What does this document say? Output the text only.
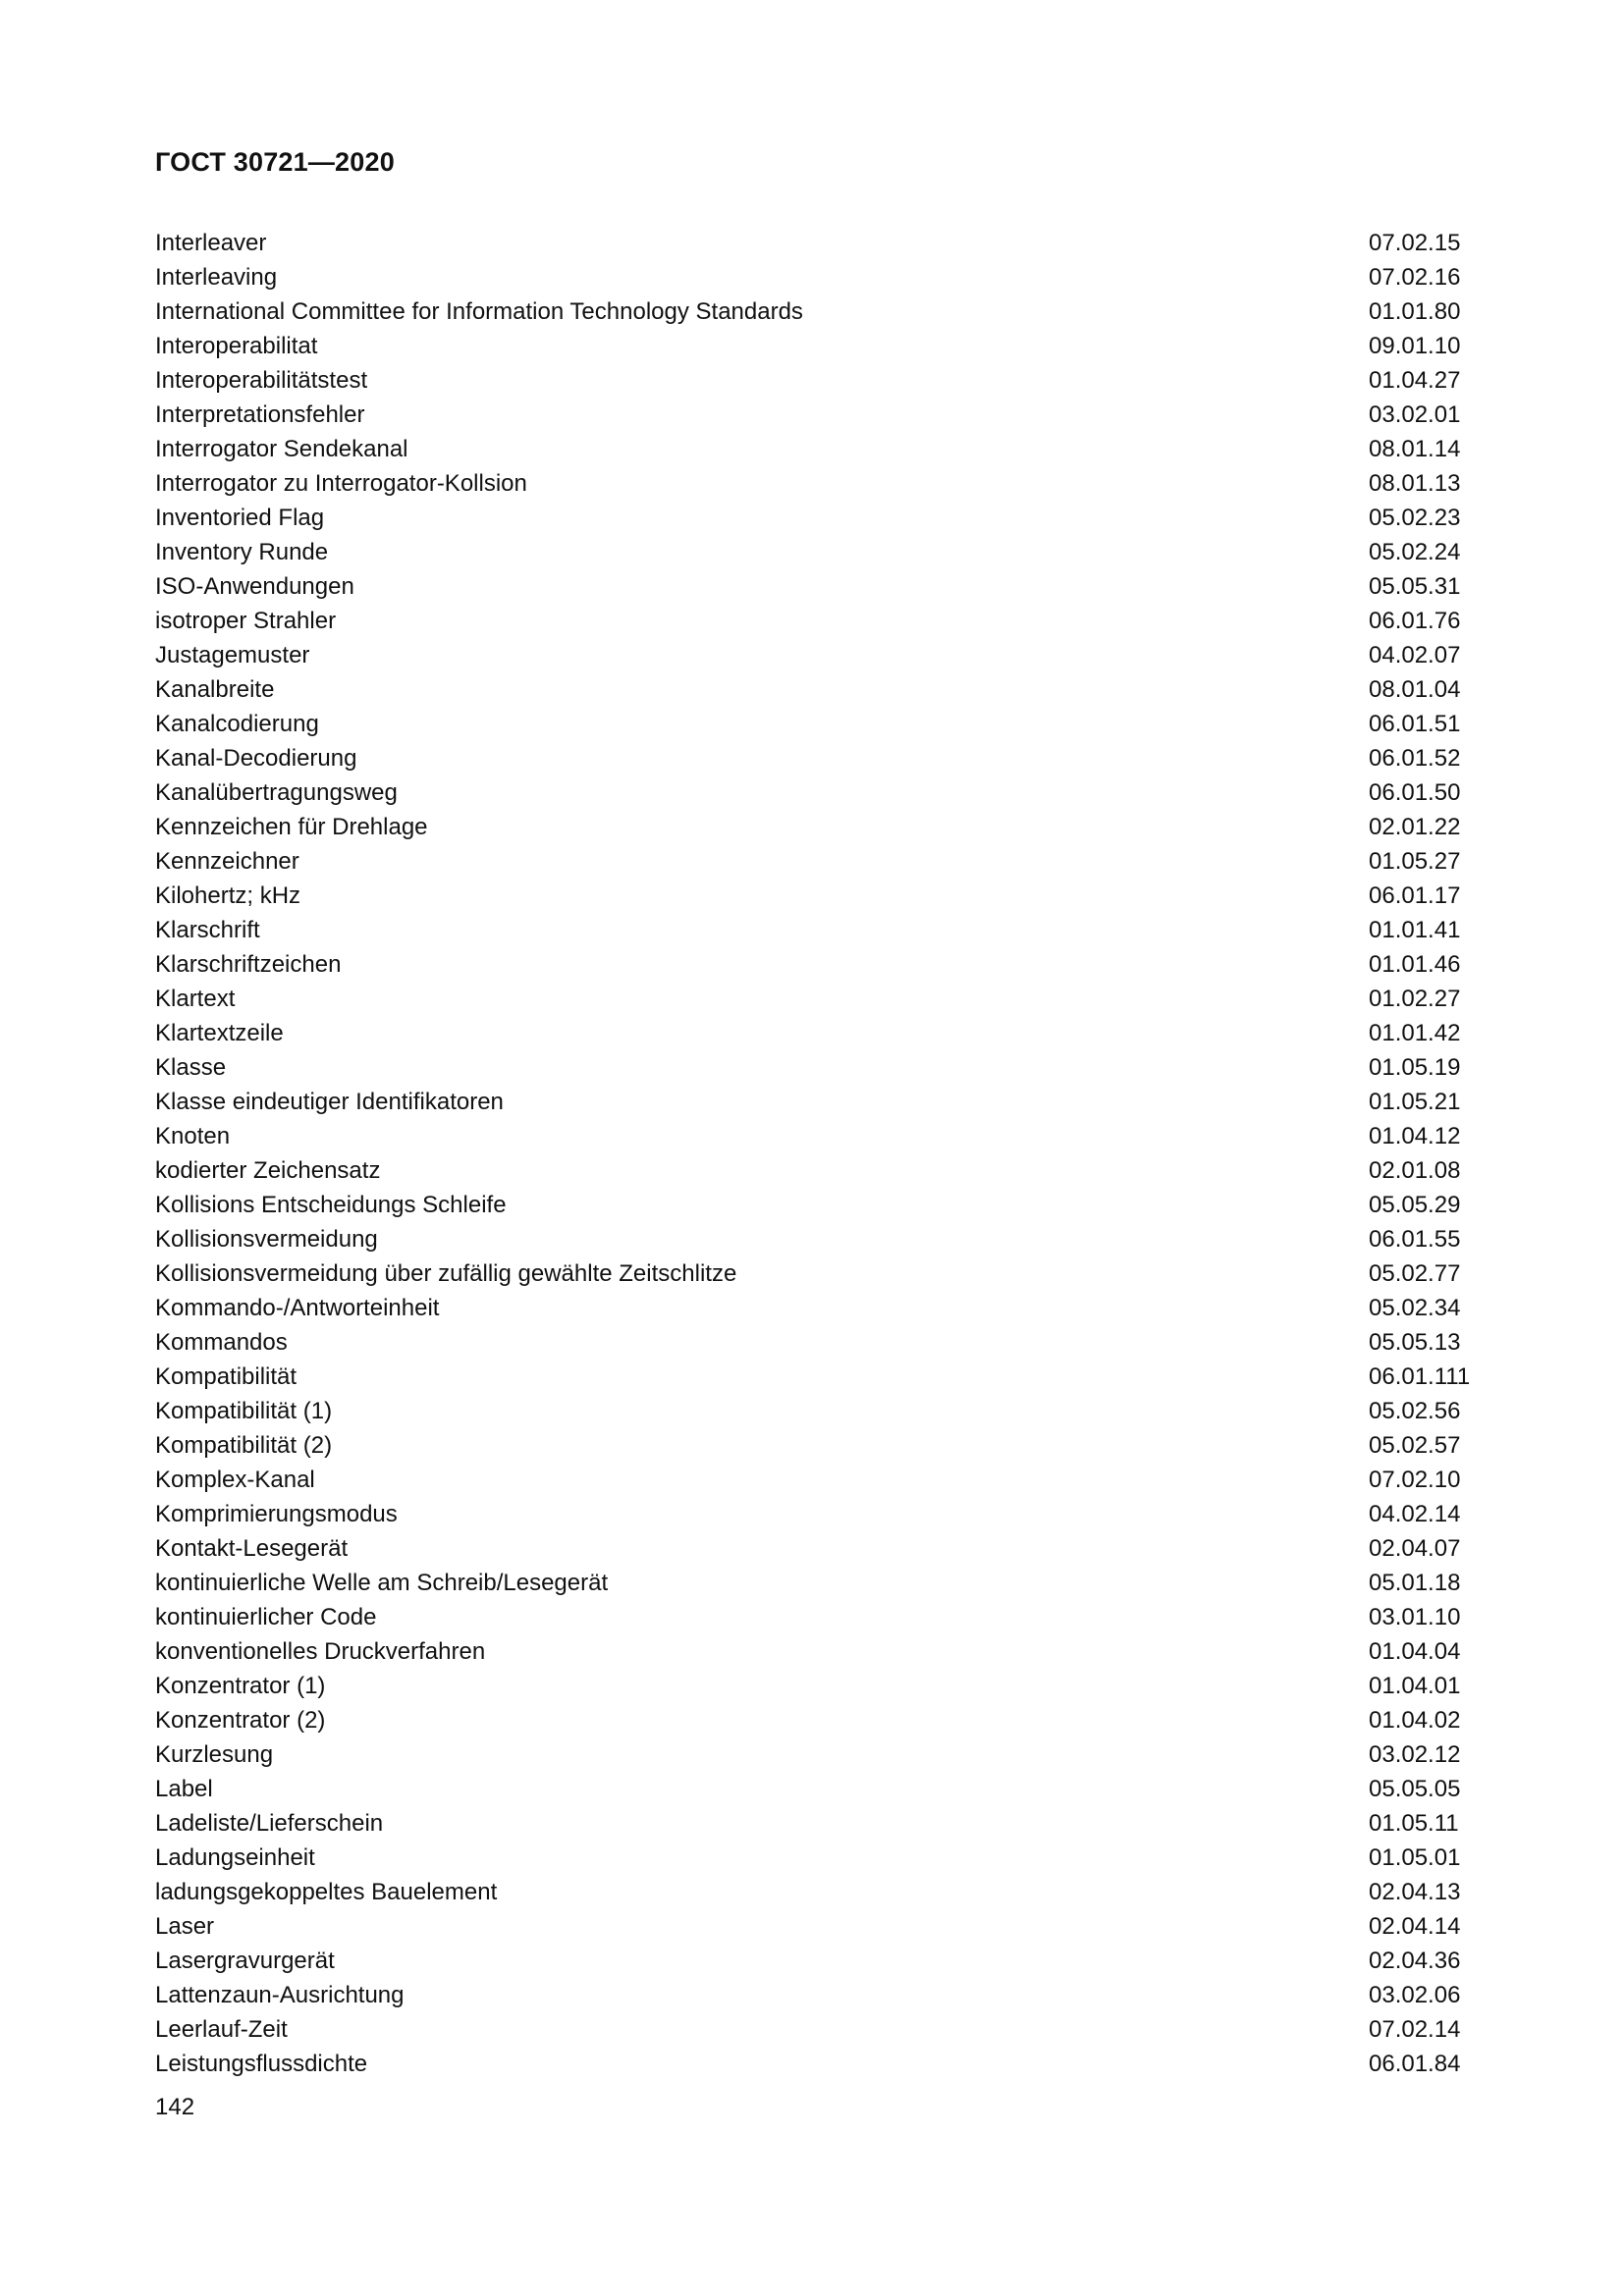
ГОСТ 30721—2020
Interleaver	07.02.15
Interleaving	07.02.16
International Committee for Information Technology Standards	01.01.80
Interoperabilitat	09.01.10
Interoperabilitätstest	01.04.27
Interpretationsfehler	03.02.01
Interrogator Sendekanal	08.01.14
Interrogator zu Interrogator-Kollsion	08.01.13
Inventoried Flag	05.02.23
Inventory Runde	05.02.24
ISO-Anwendungen	05.05.31
isotroper Strahler	06.01.76
Justagemuster	04.02.07
Kanalbreite	08.01.04
Kanalcodierung	06.01.51
Kanal-Decodierung	06.01.52
Kanalübertragungsweg	06.01.50
Kennzeichen für Drehlage	02.01.22
Kennzeichner	01.05.27
Kilohertz; kHz	06.01.17
Klarschrift	01.01.41
Klarschriftzeichen	01.01.46
Klartext	01.02.27
Klartextzeile	01.01.42
Klasse	01.05.19
Klasse eindeutiger Identifikatoren	01.05.21
Knoten	01.04.12
kodierter Zeichensatz	02.01.08
Kollisions Entscheidungs Schleife	05.05.29
Kollisionsvermeidung	06.01.55
Kollisionsvermeidung über zufällig gewählte Zeitschlitze	05.02.77
Kommando-/Antworteinheit	05.02.34
Kommandos	05.05.13
Kompatibilität	06.01.111
Kompatibilität (1)	05.02.56
Kompatibilität (2)	05.02.57
Komplex-Kanal	07.02.10
Komprimierungsmodus	04.02.14
Kontakt-Lesegerät	02.04.07
kontinuierliche Welle am Schreib/Lesegerät	05.01.18
kontinuierlicher Code	03.01.10
konventionelles Druckverfahren	01.04.04
Konzentrator (1)	01.04.01
Konzentrator (2)	01.04.02
Kurzlesung	03.02.12
Label	05.05.05
Ladeliste/Lieferschein	01.05.11
Ladungseinheit	01.05.01
ladungsgekoppeltes Bauelement	02.04.13
Laser	02.04.14
Lasergravurgerät	02.04.36
Lattenzaun-Ausrichtung	03.02.06
Leerlauf-Zeit	07.02.14
Leistungsflussdichte	06.01.84
142
